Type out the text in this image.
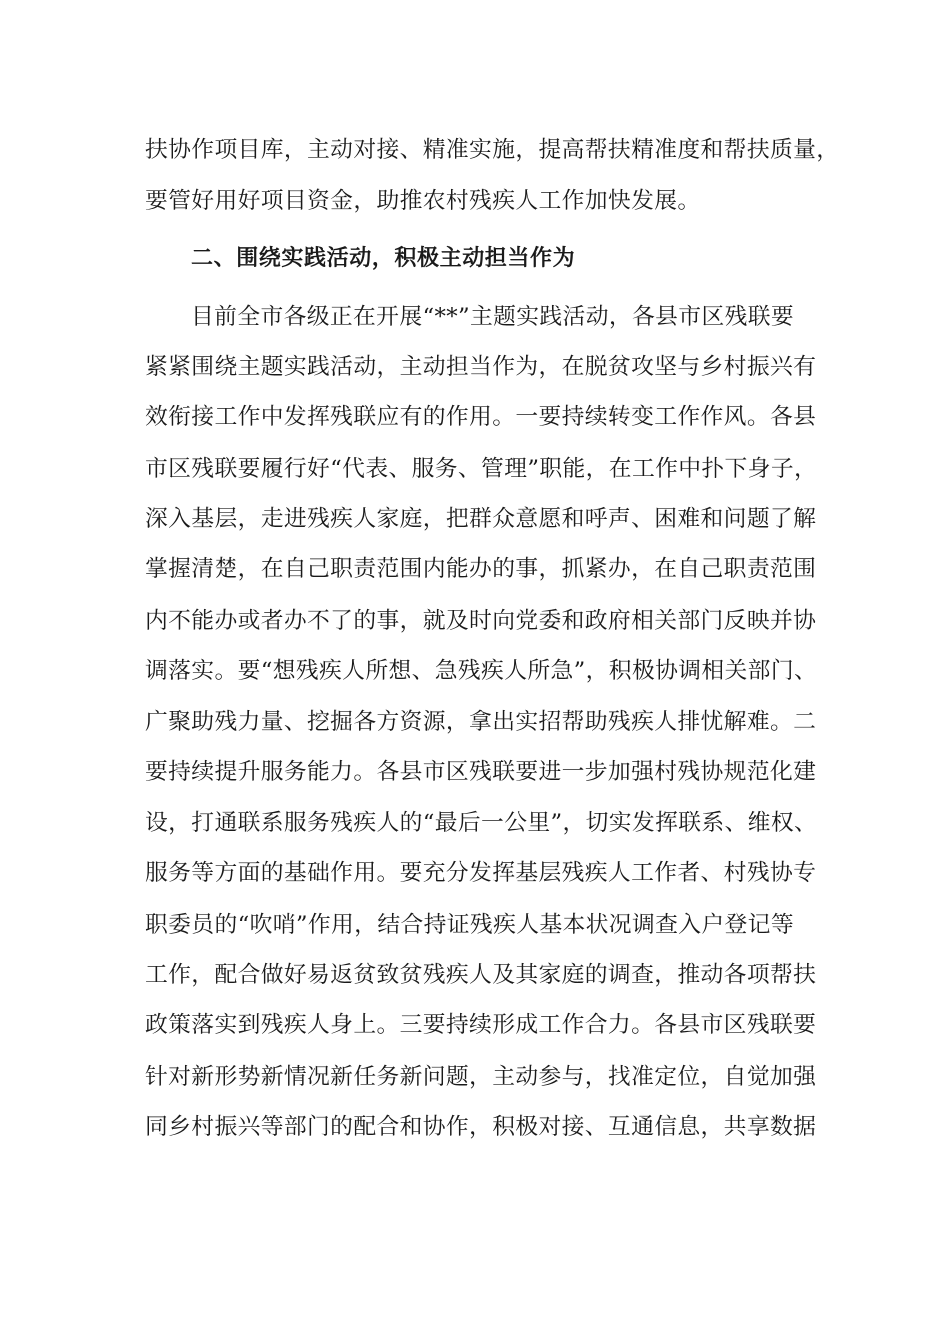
扶协作项目库，主动对接、精准实施，提高帮扶精准度和帮扶质量，
要管好用好项目资金，助推农村残疾人工作加快发展。
二、围绕实践活动，积极主动担当作为
目前全市各级正在开展“**”主题实践活动，各县市区残联要
紧紧围绕主题实践活动，主动担当作为，在脱贫攻坚与乡村振兴有
效衔接工作中发挥残联应有的作用。一要持续转变工作作风。各县
市区残联要履行好“代表、服务、管理”职能，在工作中扑下身子，
深入基层，走进残疾人家庭，把群众意愿和呼声、困难和问题了解
掌握清楚，在自己职责范围内能办的事，抓紧办，在自己职责范围
内不能办或者办不了的事，就及时向党委和政府相关部门反映并协
调落实。要“想残疾人所想、急残疾人所急”，积极协调相关部门、
广聚助残力量、挖掘各方资源，拿出实招帮助残疾人排忧解难。二
要持续提升服务能力。各县市区残联要进一步加强村残协规范化建
设，打通联系服务残疾人的“最后一公里”，切实发挥联系、维权、
服务等方面的基础作用。要充分发挥基层残疾人工作者、村残协专
职委员的“吹哨”作用，结合持证残疾人基本状况调查入户登记等
工作，配合做好易返贫致贫残疾人及其家庭的调查，推动各项帮扶
政策落实到残疾人身上。三要持续形成工作合力。各县市区残联要
针对新形势新情况新任务新问题，主动参与，找准定位，自觉加强
同乡村振兴等部门的配合和协作，积极对接、互通信息，共享数据
